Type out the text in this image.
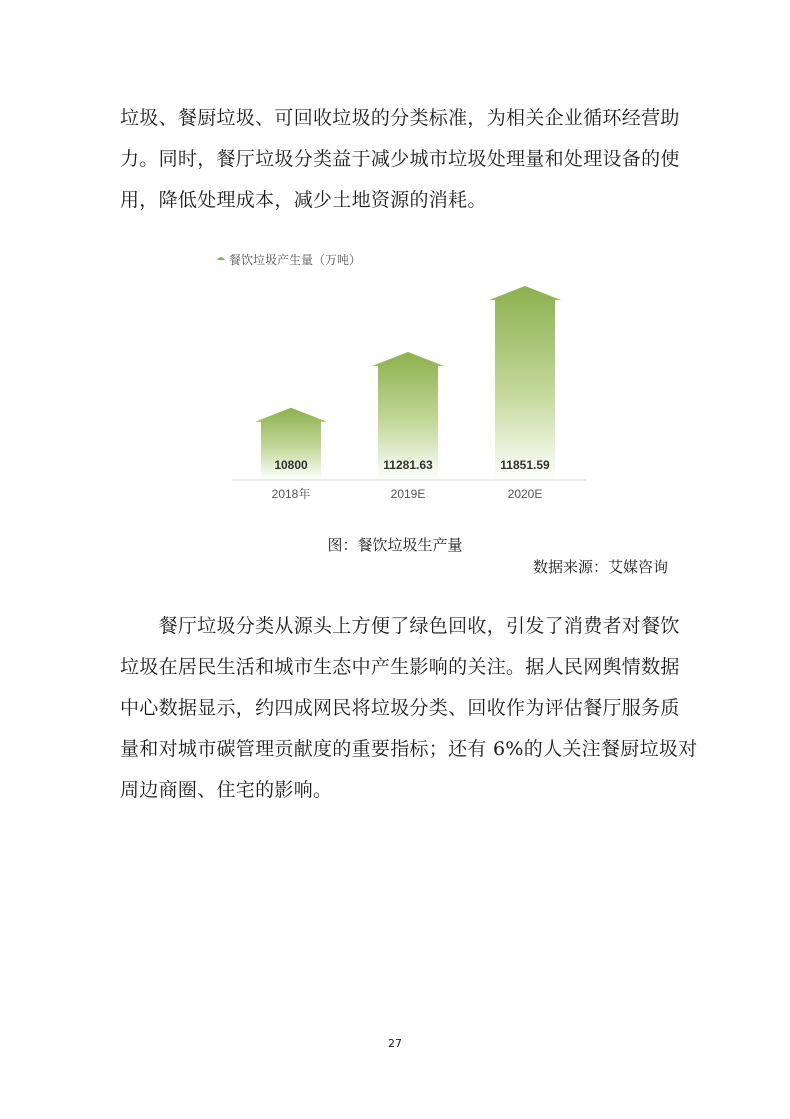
垃圾、餐厨垃圾、可回收垃圾的分类标准，为相关企业循环经营助
力。同时，餐厅垃圾分类益于减少城市垃圾处理量和处理设备的使
用，降低处理成本，减少土地资源的消耗。
餐饮垃圾产生量（万吨）
10800
2018年
11281.63
2019E
11851.59
2020E

图：餐饮垃圾生产量

数据来源：艾媒咨询

　　餐厅垃圾分类从源头上方便了绿色回收，引发了消费者对餐饮
垃圾在居民生活和城市生态中产生影响的关注。据人民网舆情数据
中心数据显示，约四成网民将垃圾分类、回收作为评估餐厅服务质
量和对城市碳管理贡献度的重要指标；还有 6%的人关注餐厨垃圾对
周边商圈、住宅的影响。
27
